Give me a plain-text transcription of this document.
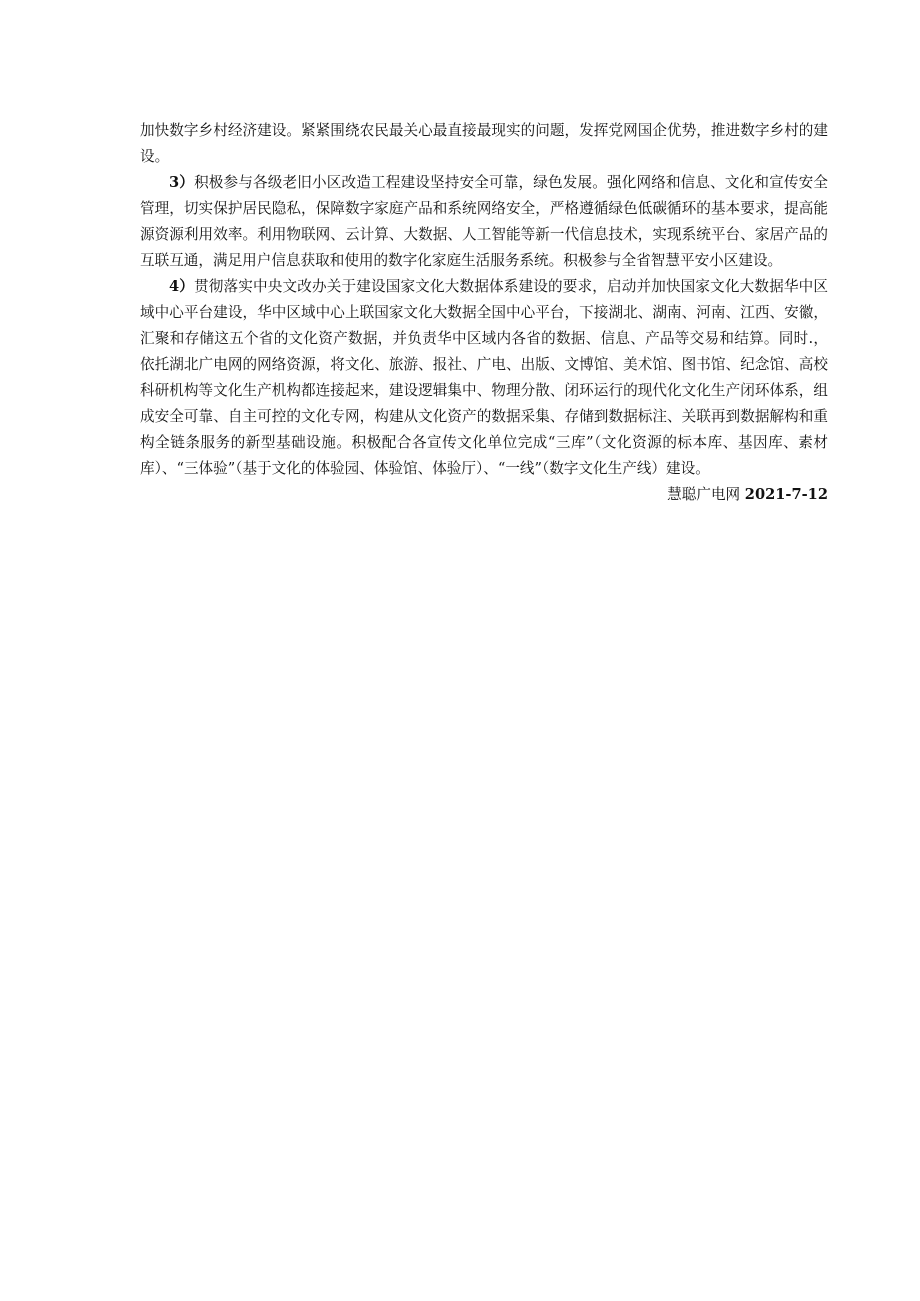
加快数字乡村经济建设。紧紧围绕农民最关心最直接最现实的问题，发挥党网国企优势，推进数字乡村的建设。

3）积极参与各级老旧小区改造工程建设坚持安全可靠，绿色发展。强化网络和信息、文化和宣传安全管理，切实保护居民隐私，保障数字家庭产品和系统网络安全，严格遵循绿色低碳循环的基本要求，提高能源资源利用效率。利用物联网、云计算、大数据、人工智能等新一代信息技术，实现系统平台、家居产品的互联互通，满足用户信息获取和使用的数字化家庭生活服务系统。积极参与全省智慧平安小区建设。

4）贯彻落实中央文改办关于建设国家文化大数据体系建设的要求，启动并加快国家文化大数据华中区域中心平台建设，华中区域中心上联国家文化大数据全国中心平台，下接湖北、湖南、河南、江西、安徽，汇聚和存储这五个省的文化资产数据，并负责华中区域内各省的数据、信息、产品等交易和结算。同时.，依托湖北广电网的网络资源，将文化、旅游、报社、广电、出版、文博馆、美术馆、图书馆、纪念馆、高校科研机构等文化生产机构都连接起来，建设逻辑集中、物理分散、闭环运行的现代化文化生产闭环体系，组成安全可靠、自主可控的文化专网，构建从文化资产的数据采集、存储到数据标注、关联再到数据解构和重构全链条服务的新型基础设施。积极配合各宣传文化单位完成“三库”（文化资源的标本库、基因库、素材库）、“三体验”（基于文化的体验园、体验馆、体验厅）、“一线”（数字文化生产线）建设。

慧聪广电网 2021-7-12
